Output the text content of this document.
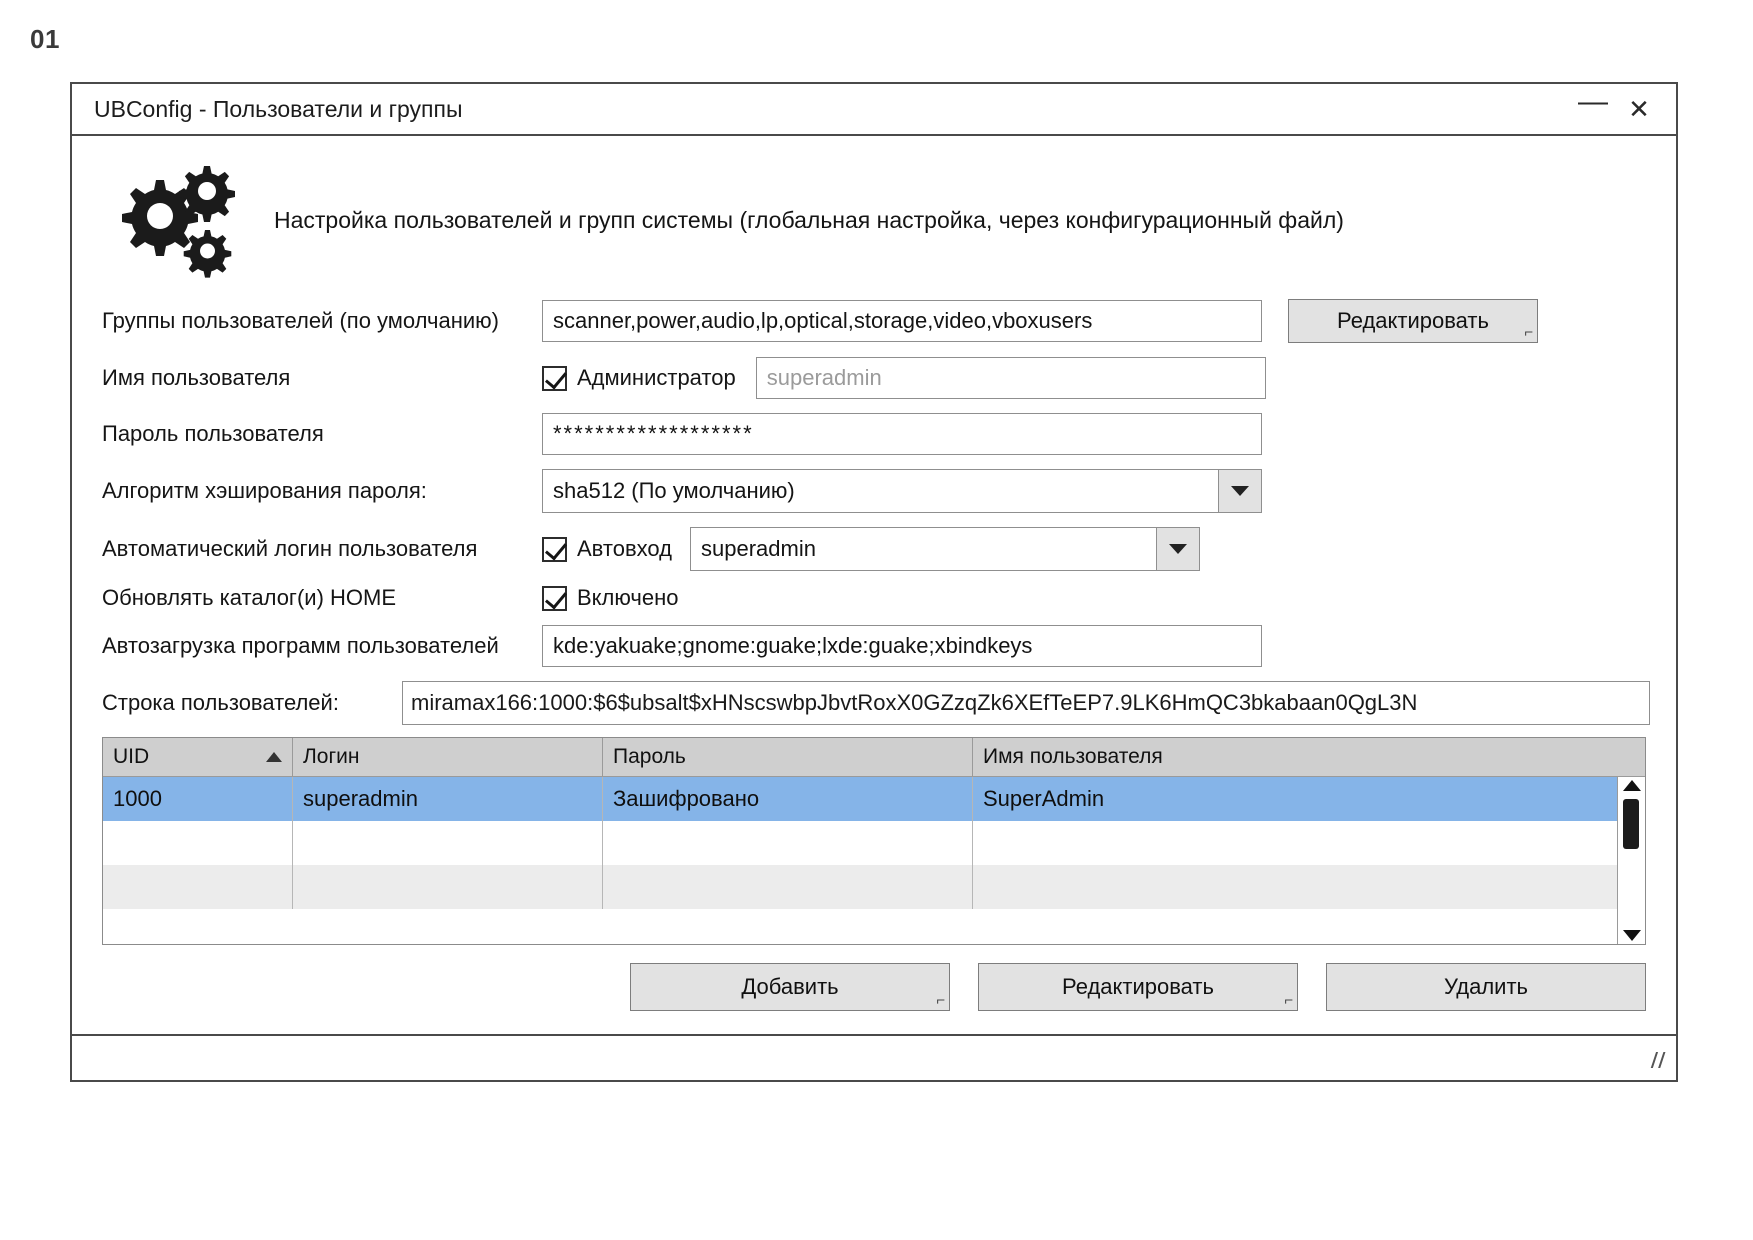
01
UBConfig - Пользователи и группы	— ✕
Настройка пользователей и групп системы (глобальная настройка, через конфигурационный файл)
Группы пользователей (по умолчанию)	scanner,power,audio,lp,optical,storage,video,vboxusers	Редактировать ⌐
Имя пользователя	Администратор	superadmin
Пароль пользователя	*******************
Алгоритм хэширования пароля:	sha512 (По умолчанию)
Автоматический логин пользователя	Автовход	superadmin
Обновлять каталог(и) HOME	Включено
Автозагрузка программ пользователей	kde:yakuake;gnome:guake;lxde:guake;xbindkeys
Строка пользователей:	miramax166:1000:$6$ubsalt$xHNscswbpJbvtRoxX0GZzqZk6XEfTeEP7.9LK6HmQC3bkabaan0QgL3N
UID	Логин	Пароль	Имя пользователя
1000	superadmin	Зашифровано	SuperAdmin
Добавить
⌐
Редактировать
⌐
Удалить
//
